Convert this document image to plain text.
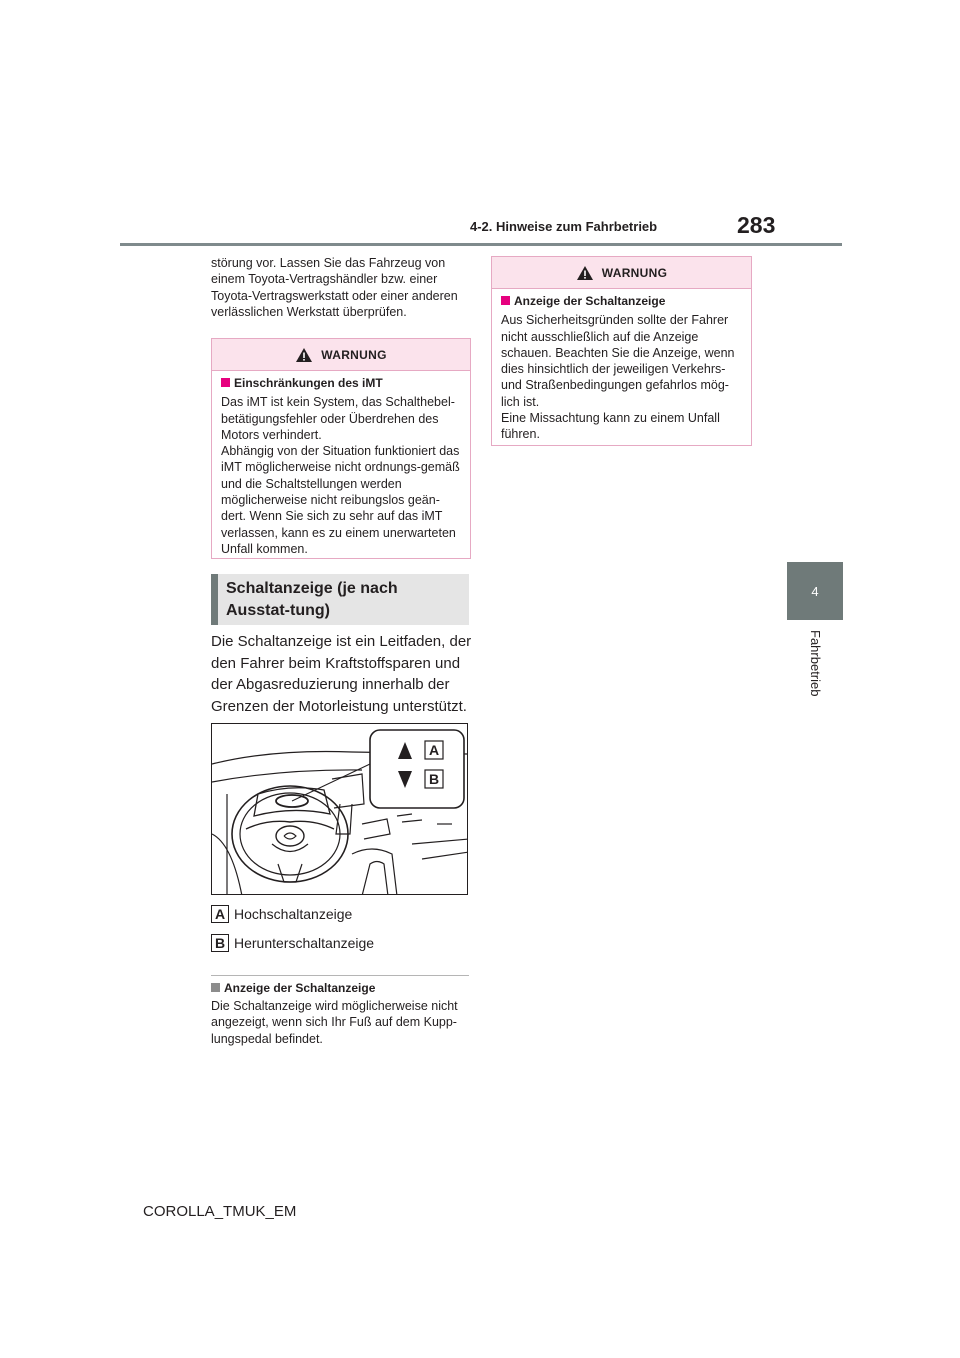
4-2. Hinweise zum Fahrbetrieb	283
4
Fahrbetrieb
störung vor. Lassen Sie das Fahrzeug von einem Toyota-Vertragshändler bzw. einer Toyota-Vertragswerkstatt oder einer anderen verlässlichen Werkstatt überprüfen.
WARNUNG
Einschränkungen des iMT

Das iMT ist kein System, das Schalthebel-betätigungsfehler oder Überdrehen des Motors verhindert.

Abhängig von der Situation funktioniert das iMT möglicherweise nicht ordnungs-gemäß und die Schaltstellungen werden möglicherweise nicht reibungslos geän-dert. Wenn Sie sich zu sehr auf das iMT verlassen, kann es zu einem unerwarteten Unfall kommen.

Schaltanzeige (je nach Ausstat-tung)
Die Schaltanzeige ist ein Leitfaden, der den Fahrer beim Kraftstoffsparen und der Abgasreduzierung innerhalb der Grenzen der Motorleistung unterstützt.
A
B
A Hochschaltanzeige
B Herunterschaltanzeige
Anzeige der Schaltanzeige
Die Schaltanzeige wird möglicherweise nicht angezeigt, wenn sich Ihr Fuß auf dem Kupp-lungspedal befindet.
WARNUNG
Anzeige der Schaltanzeige

Aus Sicherheitsgründen sollte der Fahrer nicht ausschließlich auf die Anzeige schauen. Beachten Sie die Anzeige, wenn dies hinsichtlich der jeweiligen Verkehrs- und Straßenbedingungen gefahrlos mög-lich ist.

Eine Missachtung kann zu einem Unfall führen.

COROLLA_TMUK_EM
